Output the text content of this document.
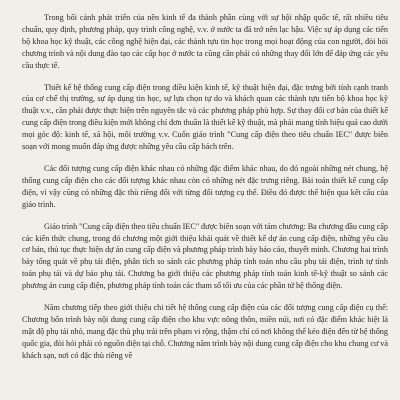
Trong bối cảnh phát triển của nền kinh tế đa thành phần cùng với sự hội nhập quốc tế, rất nhiều tiêu chuẩn, quy định, phương pháp, quy trình công nghệ, v.v. ở nước ta đã trở nên lạc hậu. Việc sự áp dụng các tiến bộ khoa học kỹ thuật, các công nghệ hiện đại, các thành tựu tin học trong mọi hoạt động của con người, đòi hỏi chương trình và nội dung đào tạo các cấp học ở nước ta cũng cần phải có những thay đổi lớn để đáp ứng các yêu cầu thực tế.

Thiết kế hệ thống cung cấp điện trong điều kiện kinh tế, kỹ thuật hiện đại, đặc trưng bởi tính cạnh tranh của cơ chế thị trường, sự áp dụng tin học, sự lựa chọn tự do và khách quan các thành tựu tiến bộ khoa học kỹ thuật v.v., cần phải được thực hiện trên nguyên tắc và các phương pháp phù hợp. Sự thay đổi cơ bản của thiết kế cung cấp điện trong điều kiện mới không chỉ đơn thuần là thiết kế kỹ thuật, mà phải mang tính hiệu quả cao dưới mọi góc độ: kinh tế, xã hội, môi trường v.v. Cuốn giáo trình "Cung cấp điện theo tiêu chuẩn IEC" được biên soạn với mong muốn đáp ứng được những yêu cầu cấp bách trên.

Các đối tượng cung cấp điện khác nhau có những đặc điểm khác nhau, do đó ngoài những nét chung, hệ thống cung cấp điện cho các đối tượng khác nhau còn có những nét đặc trưng riêng. Bài toán thiết kế cung cấp điện, vì vậy cũng có những đặc thù riêng đối với từng đối tượng cụ thể. Điều đó được thể hiện qua kết cấu của giáo trình.

Giáo trình "Cung cấp điện theo tiêu chuẩn IEC" được biên soạn với tám chương: Ba chương đầu cung cấp các kiến thức chung, trong đó chương một giới thiệu khái quát về thiết kế dự án cung cấp điện, những yêu cầu cơ bản, thủ tục thực hiện dự án cung cấp điện và phương pháp trình bày báo cáo, thuyết minh. Chương hai trình bày tổng quát về phụ tải điện, phân tích so sánh các phương pháp tính toán nhu cầu phụ tải điện, trình tự tính toán phụ tải và dự báo phụ tải. Chương ba giới thiệu các phương pháp tính toán kinh tế-kỹ thuật so sánh các phương án cung cấp điện, phương pháp tính toán các tham số tối ưu của các phần tử hệ thống điện.

Năm chương tiếp theo giới thiệu chi tiết hệ thống cung cấp điện của các đối tượng cung cấp điện cụ thể: Chương bốn trình bày nội dung cung cấp điện cho khu vực nông thôn, miền núi, nơi có đặc điểm khác biệt là mật độ phụ tải nhỏ, mang đặc thù phụ trải trên phạm vi rộng, thậm chí có nơi không thể kéo điện đến từ hệ thống quốc gia, đòi hỏi phải có nguồn điện tại chỗ. Chương năm trình bày nội dung cung cấp điện cho khu chung cư và khách sạn, nơi có đặc thù riêng về
